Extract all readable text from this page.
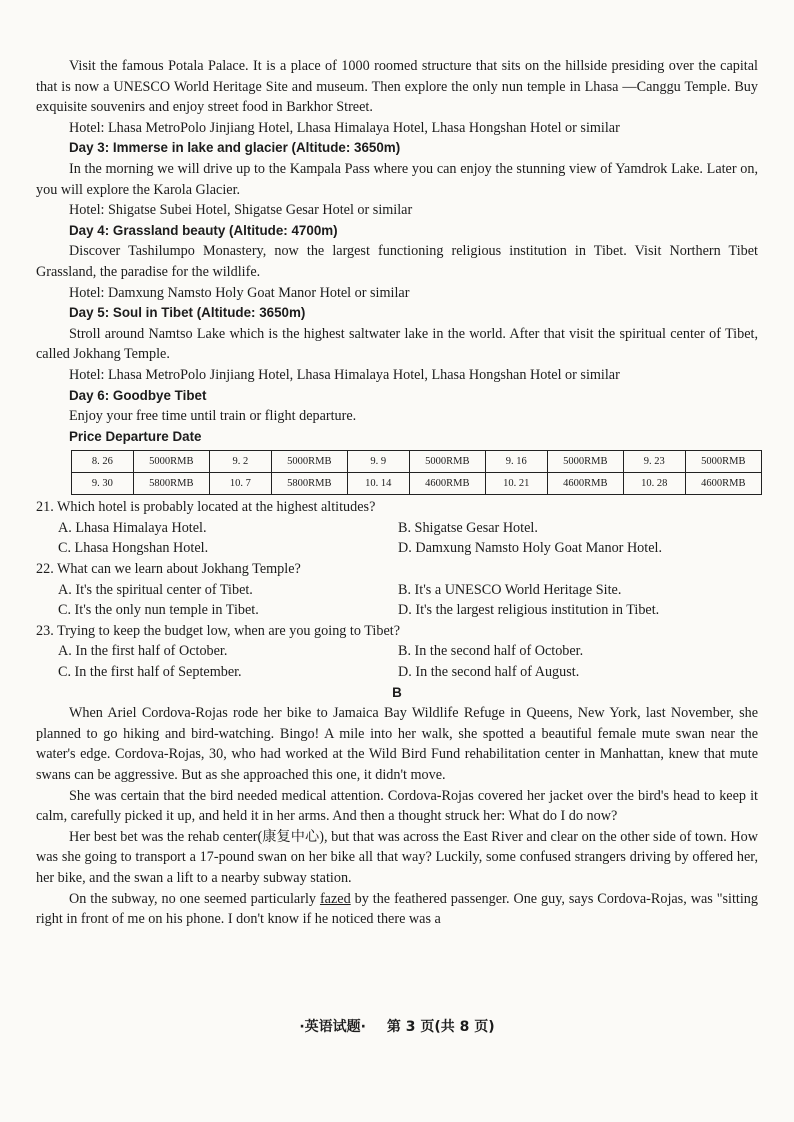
Visit the famous Potala Palace. It is a place of 1000 roomed structure that sits on the hillside presiding over the capital that is now a UNESCO World Heritage Site and museum. Then explore the only nun temple in Lhasa —Canggu Temple. Buy exquisite souvenirs and enjoy street food in Barkhor Street.

Hotel: Lhasa MetroPolo Jinjiang Hotel, Lhasa Himalaya Hotel, Lhasa Hongshan Hotel or similar

Day 3: Immerse in lake and glacier (Altitude: 3650m)

In the morning we will drive up to the Kampala Pass where you can enjoy the stunning view of Yamdrok Lake. Later on, you will explore the Karola Glacier.

Hotel: Shigatse Subei Hotel, Shigatse Gesar Hotel or similar

Day 4: Grassland beauty (Altitude: 4700m)

Discover Tashilumpo Monastery, now the largest functioning religious institution in Tibet. Visit Northern Tibet Grassland, the paradise for the wildlife.

Hotel: Damxung Namsto Holy Goat Manor Hotel or similar

Day 5: Soul in Tibet (Altitude: 3650m)

Stroll around Namtso Lake which is the highest saltwater lake in the world. After that visit the spiritual center of Tibet, called Jokhang Temple.

Hotel: Lhasa MetroPolo Jinjiang Hotel, Lhasa Himalaya Hotel, Lhasa Hongshan Hotel or similar

Day 6: Goodbye Tibet

Enjoy your free time until train or flight departure.

Price Departure Date

8. 26	5000RMB	9. 2	5000RMB	9. 9	5000RMB	9. 16	5000RMB	9. 23	5000RMB
9. 30	5800RMB	10. 7	5800RMB	10. 14	4600RMB	10. 21	4600RMB	10. 28	4600RMB

21. Which hotel is probably located at the highest altitudes?

A. Lhasa Himalaya Hotel.	B. Shigatse Gesar Hotel.
C. Lhasa Hongshan Hotel.	D. Damxung Namsto Holy Goat Manor Hotel.

22. What can we learn about Jokhang Temple?

A. It's the spiritual center of Tibet.	B. It's a UNESCO World Heritage Site.
C. It's the only nun temple in Tibet.	D. It's the largest religious institution in Tibet.

23. Trying to keep the budget low, when are you going to Tibet?

A. In the first half of October.	B. In the second half of October.
C. In the first half of September.	D. In the second half of August.

B

When Ariel Cordova-Rojas rode her bike to Jamaica Bay Wildlife Refuge in Queens, New York, last November, she planned to go hiking and bird-watching. Bingo! A mile into her walk, she spotted a beautiful female mute swan near the water's edge. Cordova-Rojas, 30, who had worked at the Wild Bird Fund rehabilitation center in Manhattan, knew that mute swans can be aggressive. But as she approached this one, it didn't move.

She was certain that the bird needed medical attention. Cordova-Rojas covered her jacket over the bird's head to keep it calm, carefully picked it up, and held it in her arms. And then a thought struck her: What do I do now?

Her best bet was the rehab center(康复中心), but that was across the East River and clear on the other side of town. How was she going to transport a 17-pound swan on her bike all that way? Luckily, some confused strangers driving by offered her, her bike, and the swan a lift to a nearby subway station.

On the subway, no one seemed particularly fazed by the feathered passenger. One guy, says Cordova-Rojas, was "sitting right in front of me on his phone. I don't know if he noticed there was a

·英语试题· 第 3 页(共 8 页)
